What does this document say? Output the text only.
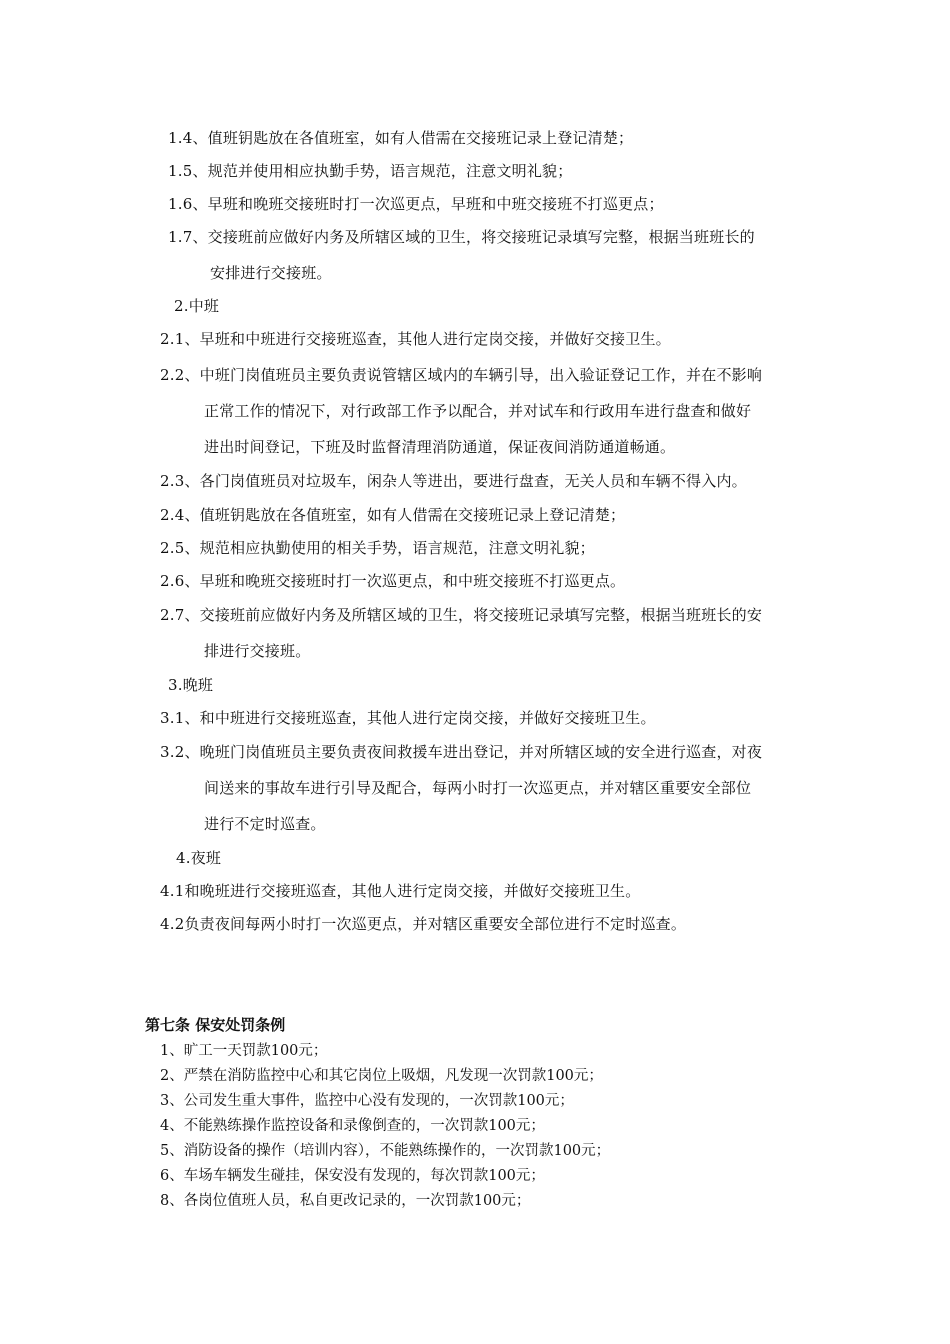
1.4、值班钥匙放在各值班室，如有人借需在交接班记录上登记清楚；
1.5、规范并使用相应执勤手势，语言规范，注意文明礼貌；
1.6、早班和晚班交接班时打一次巡更点，早班和中班交接班不打巡更点；
1.7、交接班前应做好内务及所辖区域的卫生，将交接班记录填写完整，根据当班班长的
安排进行交接班。
2.中班
2.1、早班和中班进行交接班巡查，其他人进行定岗交接，并做好交接卫生。
2.2、中班门岗值班员主要负责说管辖区域内的车辆引导，出入验证登记工作，并在不影响
正常工作的情况下，对行政部工作予以配合，并对试车和行政用车进行盘查和做好
进出时间登记，下班及时监督清理消防通道，保证夜间消防通道畅通。
2.3、各门岗值班员对垃圾车，闲杂人等进出，要进行盘查，无关人员和车辆不得入内。
2.4、值班钥匙放在各值班室，如有人借需在交接班记录上登记清楚；
2.5、规范相应执勤使用的相关手势，语言规范，注意文明礼貌；
2.6、早班和晚班交接班时打一次巡更点，和中班交接班不打巡更点。
2.7、交接班前应做好内务及所辖区域的卫生，将交接班记录填写完整，根据当班班长的安
排进行交接班。
3.晚班
3.1、和中班进行交接班巡查，其他人进行定岗交接，并做好交接班卫生。
3.2、晚班门岗值班员主要负责夜间救援车进出登记，并对所辖区域的安全进行巡查，对夜
间送来的事故车进行引导及配合，每两小时打一次巡更点，并对辖区重要安全部位
进行不定时巡查。
4.夜班
4.1和晚班进行交接班巡查，其他人进行定岗交接，并做好交接班卫生。
4.2负责夜间每两小时打一次巡更点，并对辖区重要安全部位进行不定时巡查。
第七条 保安处罚条例
1、旷工一天罚款100元；
2、严禁在消防监控中心和其它岗位上吸烟，凡发现一次罚款100元；
3、公司发生重大事件，监控中心没有发现的，一次罚款100元；
4、不能熟练操作监控设备和录像倒查的，一次罚款100元；
5、消防设备的操作（培训内容），不能熟练操作的，一次罚款100元；
6、车场车辆发生碰挂，保安没有发现的，每次罚款100元；
8、各岗位值班人员，私自更改记录的，一次罚款100元；
